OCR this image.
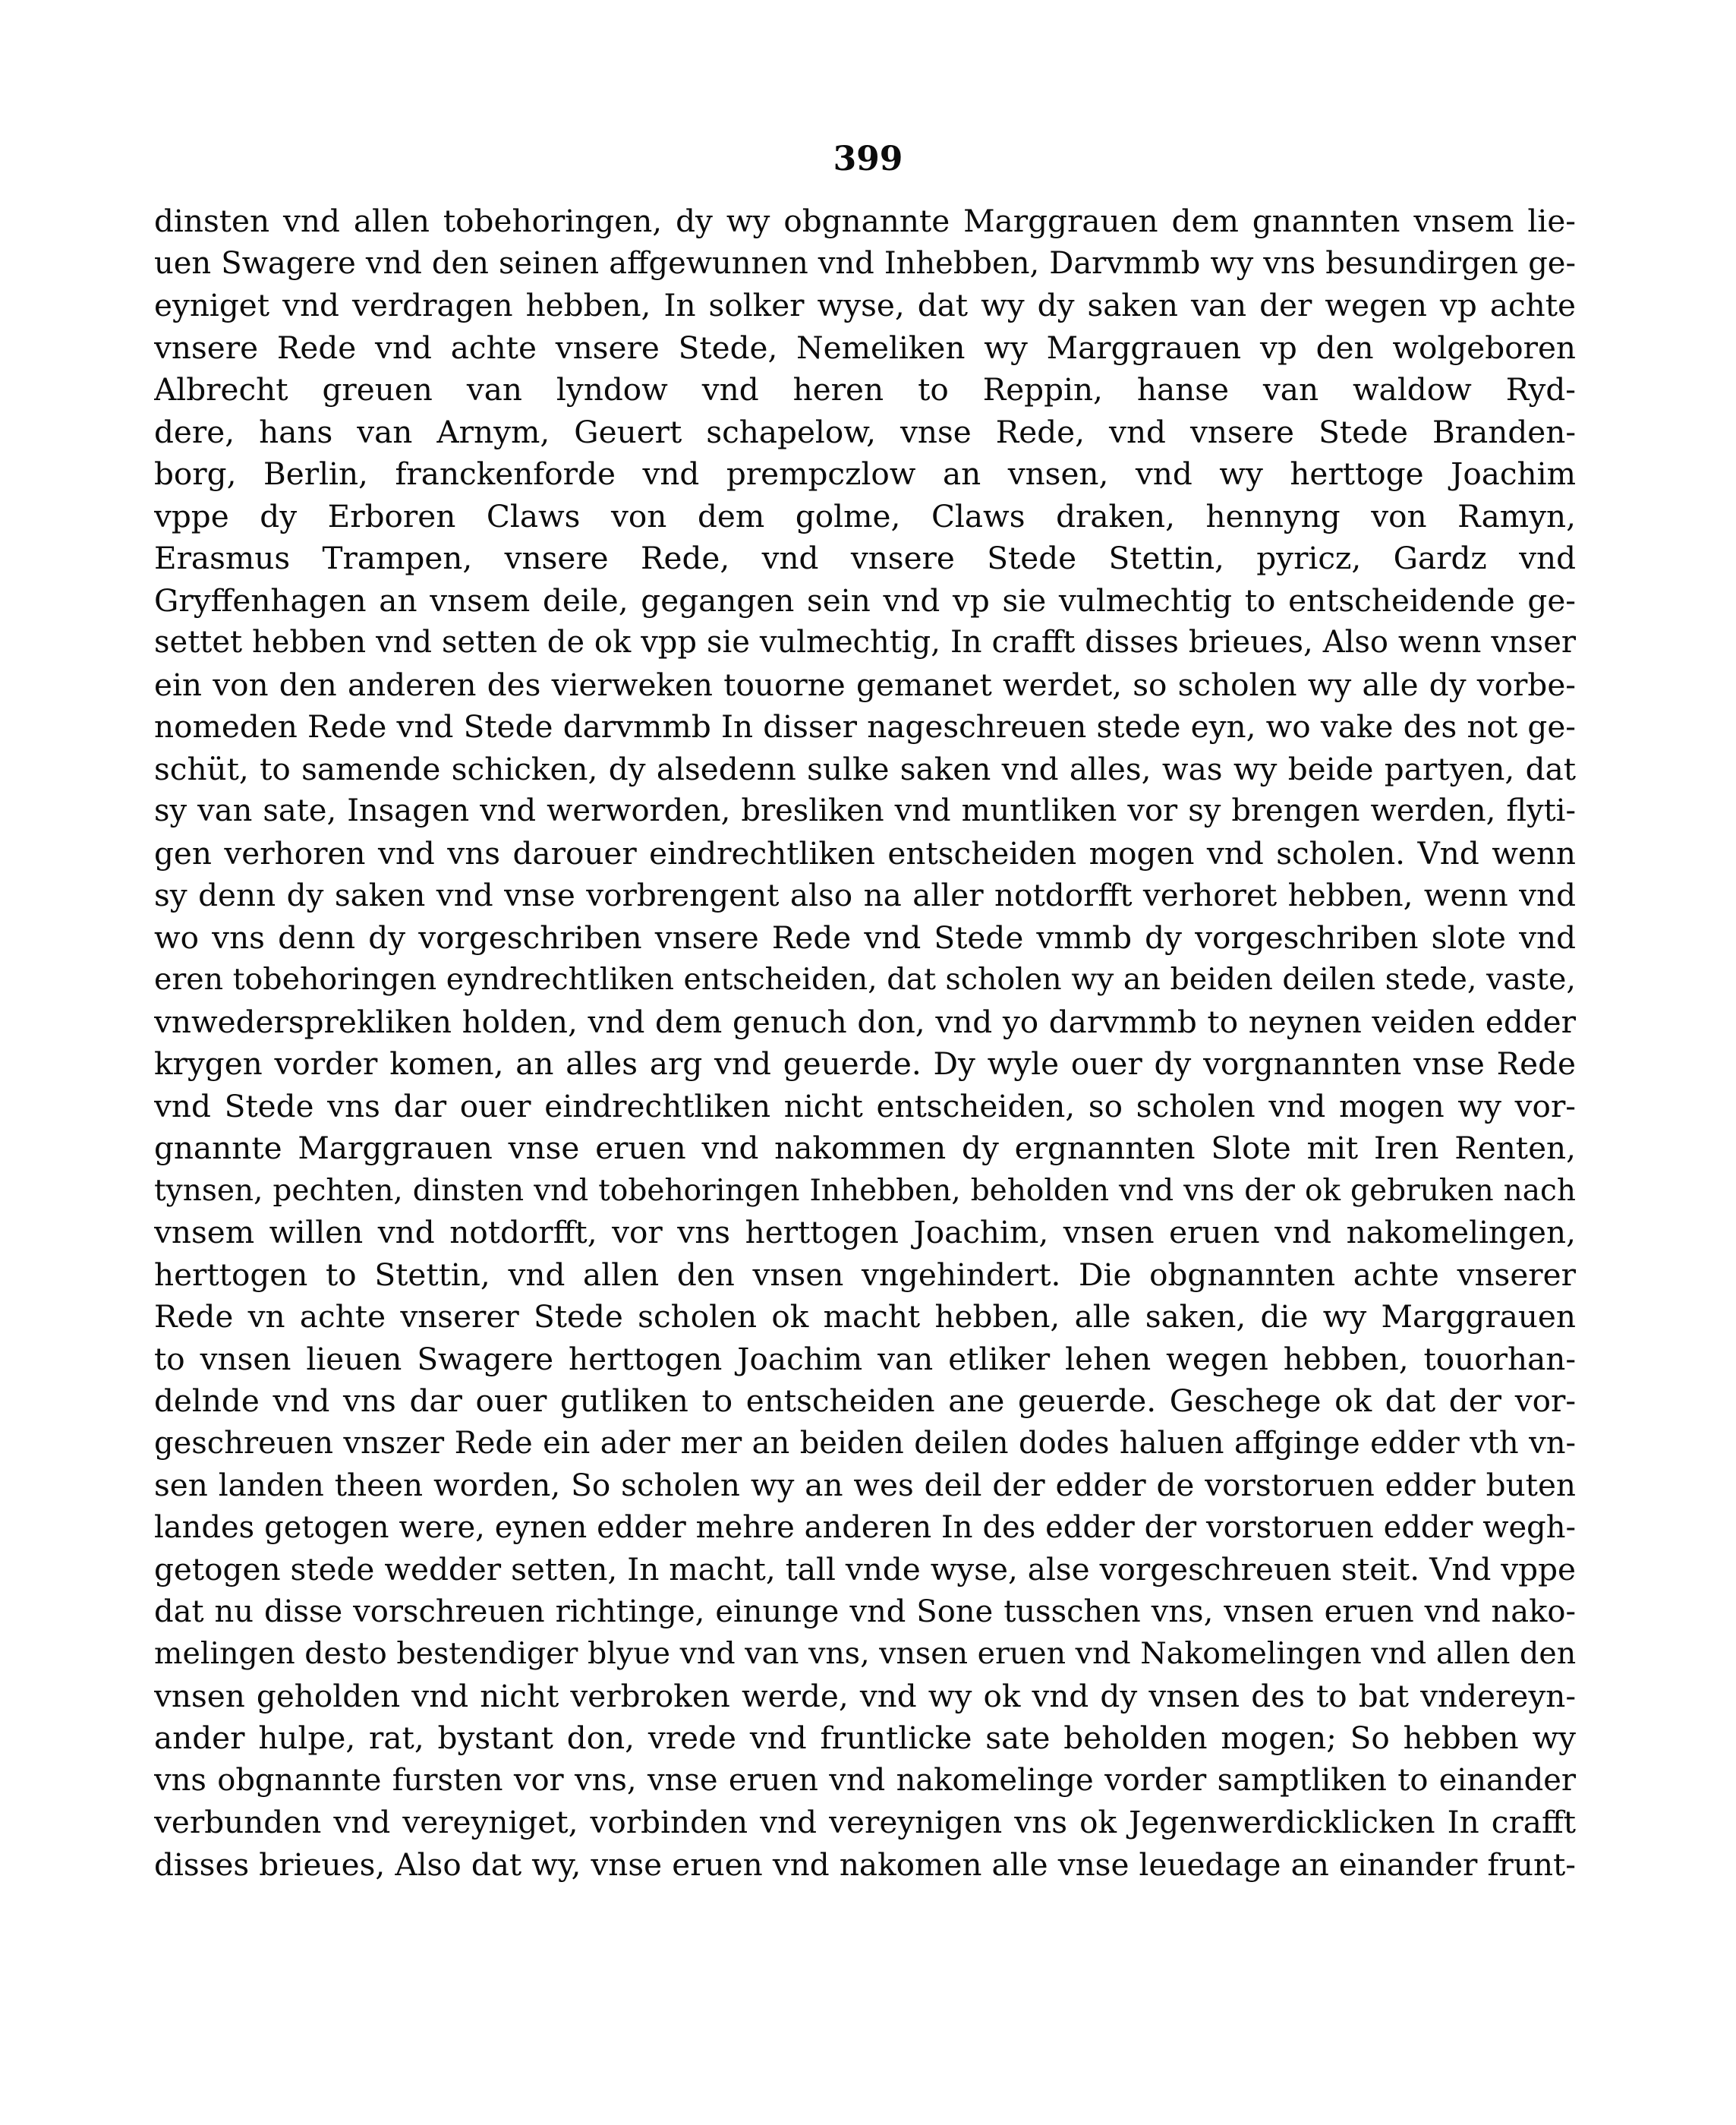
399
dinsten vnd allen tobehoringen, dy wy obgnannte Marggrauen dem gnannten vnsem lie-
uen Swagere vnd den seinen affgewunnen vnd Inhebben, Darvmmb wy vns besundirgen ge-
eyniget vnd verdragen hebben, In solker wyse, dat wy dy saken van der wegen vp achte
vnsere Rede vnd achte vnsere Stede, Nemeliken wy Marggrauen vp den wolgeboren
Albrecht greuen van lyndow vnd heren to Reppin, hanse van waldow Ryd-
dere, hans van Arnym, Geuert schapelow, vnse Rede, vnd vnsere Stede Branden-
borg, Berlin, franckenforde vnd prempczlow an vnsen, vnd wy herttoge Joachim
vppe dy Erboren Claws von dem golme, Claws draken, hennyng von Ramyn,
Erasmus Trampen, vnsere Rede, vnd vnsere Stede Stettin, pyricz, Gardz vnd
Gryffenhagen an vnsem deile, gegangen sein vnd vp sie vulmechtig to entscheidende ge-
settet hebben vnd setten de ok vpp sie vulmechtig, In crafft disses brieues, Also wenn vnser
ein von den anderen des vierweken touorne gemanet werdet, so scholen wy alle dy vorbe-
nomeden Rede vnd Stede darvmmb In disser nageschreuen stede eyn, wo vake des not ge-
schüt, to samende schicken, dy alsedenn sulke saken vnd alles, was wy beide partyen, dat
sy van sate, Insagen vnd werworden, bresliken vnd muntliken vor sy brengen werden, flyti-
gen verhoren vnd vns darouer eindrechtliken entscheiden mogen vnd scholen. Vnd wenn
sy denn dy saken vnd vnse vorbrengent also na aller notdorfft verhoret hebben, wenn vnd
wo vns denn dy vorgeschriben vnsere Rede vnd Stede vmmb dy vorgeschriben slote vnd
eren tobehoringen eyndrechtliken entscheiden, dat scholen wy an beiden deilen stede, vaste,
vnwedersprekliken holden, vnd dem genuch don, vnd yo darvmmb to neynen veiden edder
krygen vorder komen, an alles arg vnd geuerde. Dy wyle ouer dy vorgnannten vnse Rede
vnd Stede vns dar ouer eindrechtliken nicht entscheiden, so scholen vnd mogen wy vor-
gnannte Marggrauen vnse eruen vnd nakommen dy ergnannten Slote mit Iren Renten,
tynsen, pechten, dinsten vnd tobehoringen Inhebben, beholden vnd vns der ok gebruken nach
vnsem willen vnd notdorfft, vor vns herttogen Joachim, vnsen eruen vnd nakomelingen,
herttogen to Stettin, vnd allen den vnsen vngehindert. Die obgnannten achte vnserer
Rede vn achte vnserer Stede scholen ok macht hebben, alle saken, die wy Marggrauen
to vnsen lieuen Swagere herttogen Joachim van etliker lehen wegen hebben, touorhan-
delnde vnd vns dar ouer gutliken to entscheiden ane geuerde. Geschege ok dat der vor-
geschreuen vnszer Rede ein ader mer an beiden deilen dodes haluen affginge edder vth vn-
sen landen theen worden, So scholen wy an wes deil der edder de vorstoruen edder buten
landes getogen were, eynen edder mehre anderen In des edder der vorstoruen edder wegh-
getogen stede wedder setten, In macht, tall vnde wyse, alse vorgeschreuen steit. Vnd vppe
dat nu disse vorschreuen richtinge, einunge vnd Sone tusschen vns, vnsen eruen vnd nako-
melingen desto bestendiger blyue vnd van vns, vnsen eruen vnd Nakomelingen vnd allen den
vnsen geholden vnd nicht verbroken werde, vnd wy ok vnd dy vnsen des to bat vndereyn-
ander hulpe, rat, bystant don, vrede vnd fruntlicke sate beholden mogen; So hebben wy
vns obgnannte fursten vor vns, vnse eruen vnd nakomelinge vorder samptliken to einander
verbunden vnd vereyniget, vorbinden vnd vereynigen vns ok Jegenwerdicklicken In crafft
disses brieues, Also dat wy, vnse eruen vnd nakomen alle vnse leuedage an einander frunt-
